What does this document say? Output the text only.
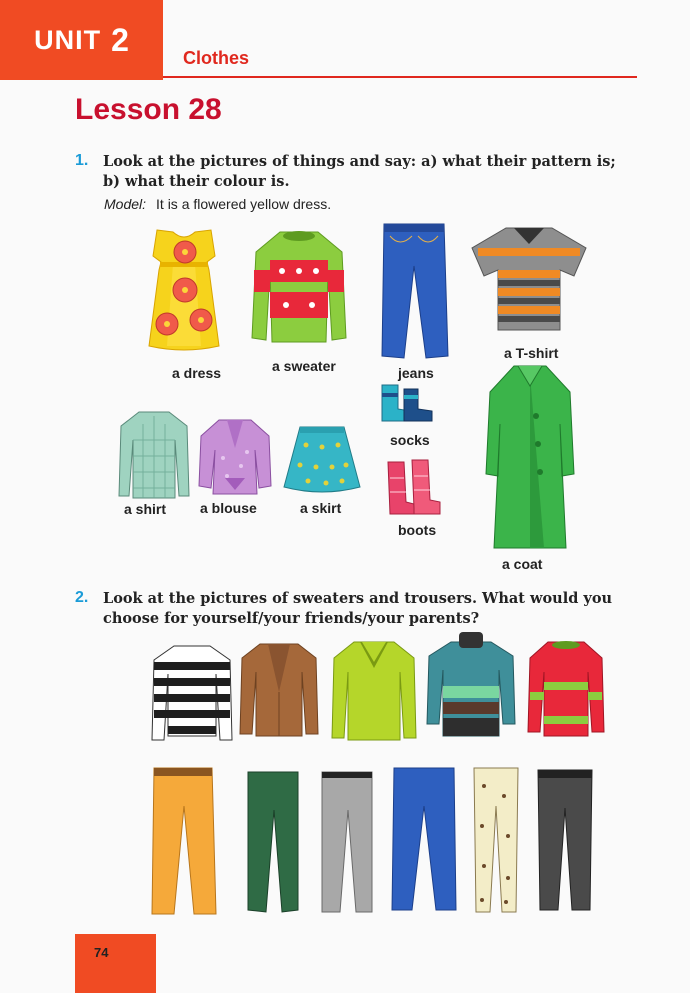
UNIT 2
Clothes
Lesson 28
1. Look at the pictures of things and say: a) what their pattern is;
b) what their colour is.
Model: It is a flowered yellow dress.
a dress	a sweater	jeans
a T-shirt
socks
boots
a coat
a shirt a blouse	a skirt
2. Look at the pictures of sweaters and trousers. What would you
choose for yourself/your friends/your parents?
74
